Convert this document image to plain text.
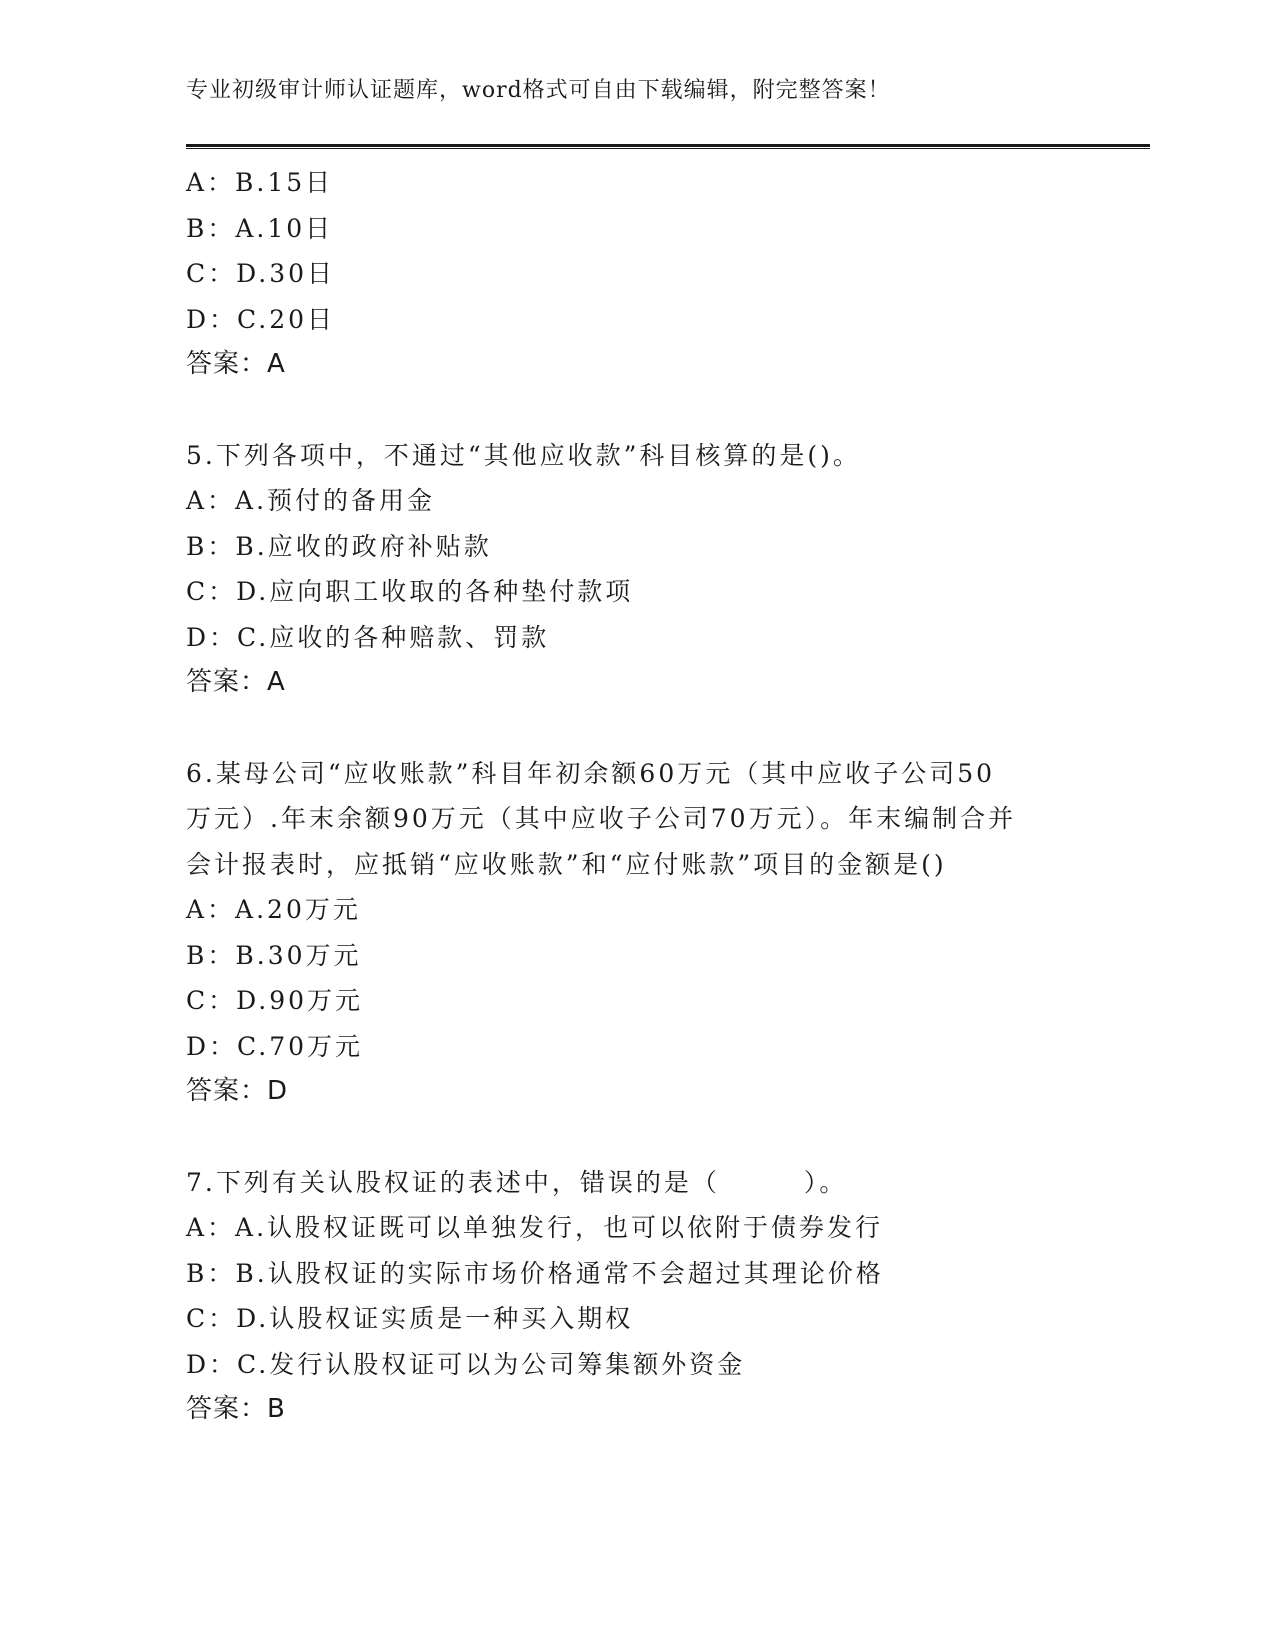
专业初级审计师认证题库，word格式可自由下载编辑，附完整答案！
A：B.15日
B：A.10日
C：D.30日
D：C.20日
答案：A
5.下列各项中，不通过“其他应收款”科目核算的是()。
A：A.预付的备用金
B：B.应收的政府补贴款
C：D.应向职工收取的各种垫付款项
D：C.应收的各种赔款、罚款
答案：A
6.某母公司“应收账款”科目年初余额60万元（其中应收子公司50
万元）.年末余额90万元（其中应收子公司70万元）。年末编制合并
会计报表时，应抵销“应收账款”和“应付账款”项目的金额是()
A：A.20万元
B：B.30万元
C：D.90万元
D：C.70万元
答案：D
7.下列有关认股权证的表述中，错误的是（　　　）。
A：A.认股权证既可以单独发行，也可以依附于债券发行
B：B.认股权证的实际市场价格通常不会超过其理论价格
C：D.认股权证实质是一种买入期权
D：C.发行认股权证可以为公司筹集额外资金
答案：B
